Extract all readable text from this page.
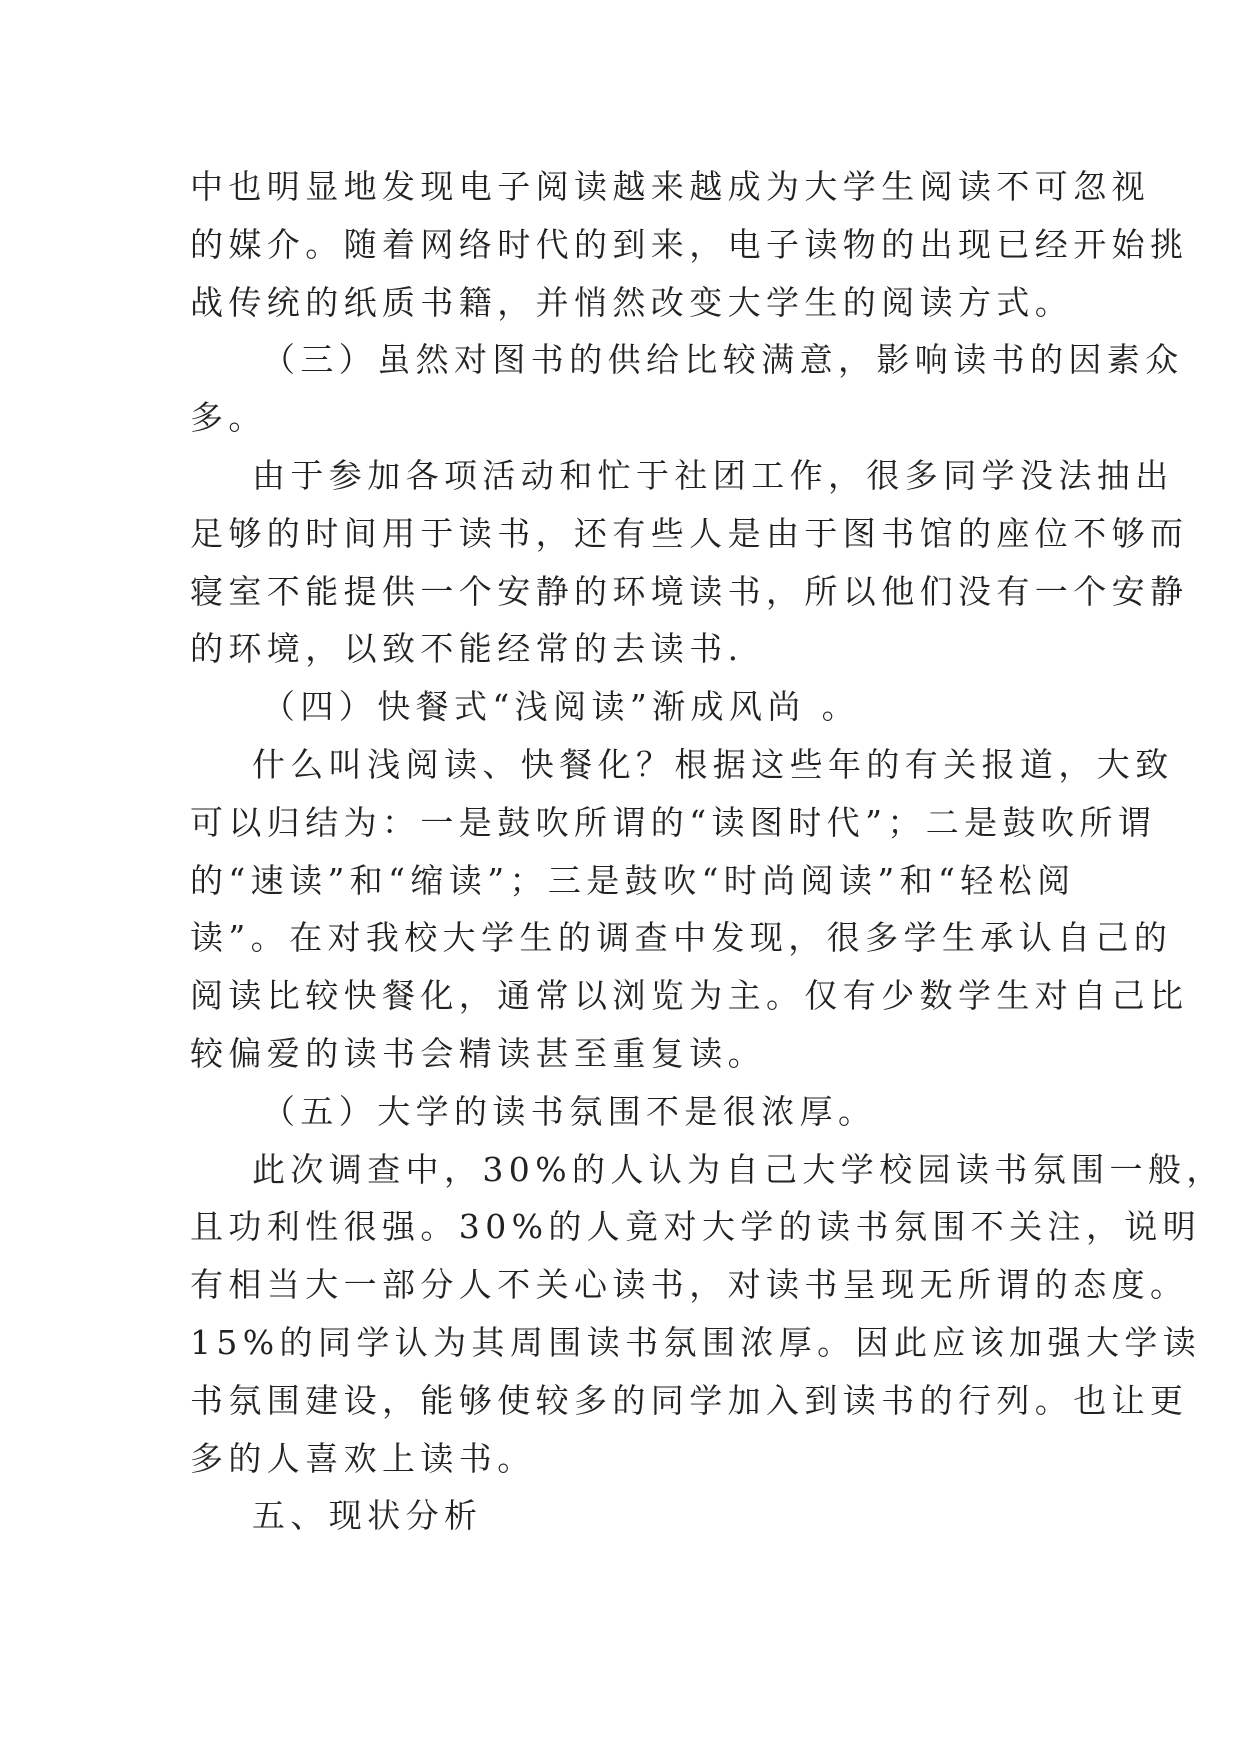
中也明显地发现电子阅读越来越成为大学生阅读不可忽视
的媒介。随着网络时代的到来，电子读物的出现已经开始挑
战传统的纸质书籍，并悄然改变大学生的阅读方式。
（三）虽然对图书的供给比较满意，影响读书的因素众
多。
由于参加各项活动和忙于社团工作，很多同学没法抽出
足够的时间用于读书，还有些人是由于图书馆的座位不够而
寝室不能提供一个安静的环境读书，所以他们没有一个安静
的环境，以致不能经常的去读书.
（四）快餐式“浅阅读”渐成风尚 。
什么叫浅阅读、快餐化？根据这些年的有关报道，大致
可以归结为：一是鼓吹所谓的“读图时代”；二是鼓吹所谓
的“速读”和“缩读”；三是鼓吹“时尚阅读”和“轻松阅
读”。在对我校大学生的调查中发现，很多学生承认自己的
阅读比较快餐化，通常以浏览为主。仅有少数学生对自己比
较偏爱的读书会精读甚至重复读。
（五）大学的读书氛围不是很浓厚。
此次调查中，30%的人认为自己大学校园读书氛围一般，
且功利性很强。30%的人竟对大学的读书氛围不关注，说明
有相当大一部分人不关心读书，对读书呈现无所谓的态度。
15%的同学认为其周围读书氛围浓厚。因此应该加强大学读
书氛围建设，能够使较多的同学加入到读书的行列。也让更
多的人喜欢上读书。
五、现状分析
